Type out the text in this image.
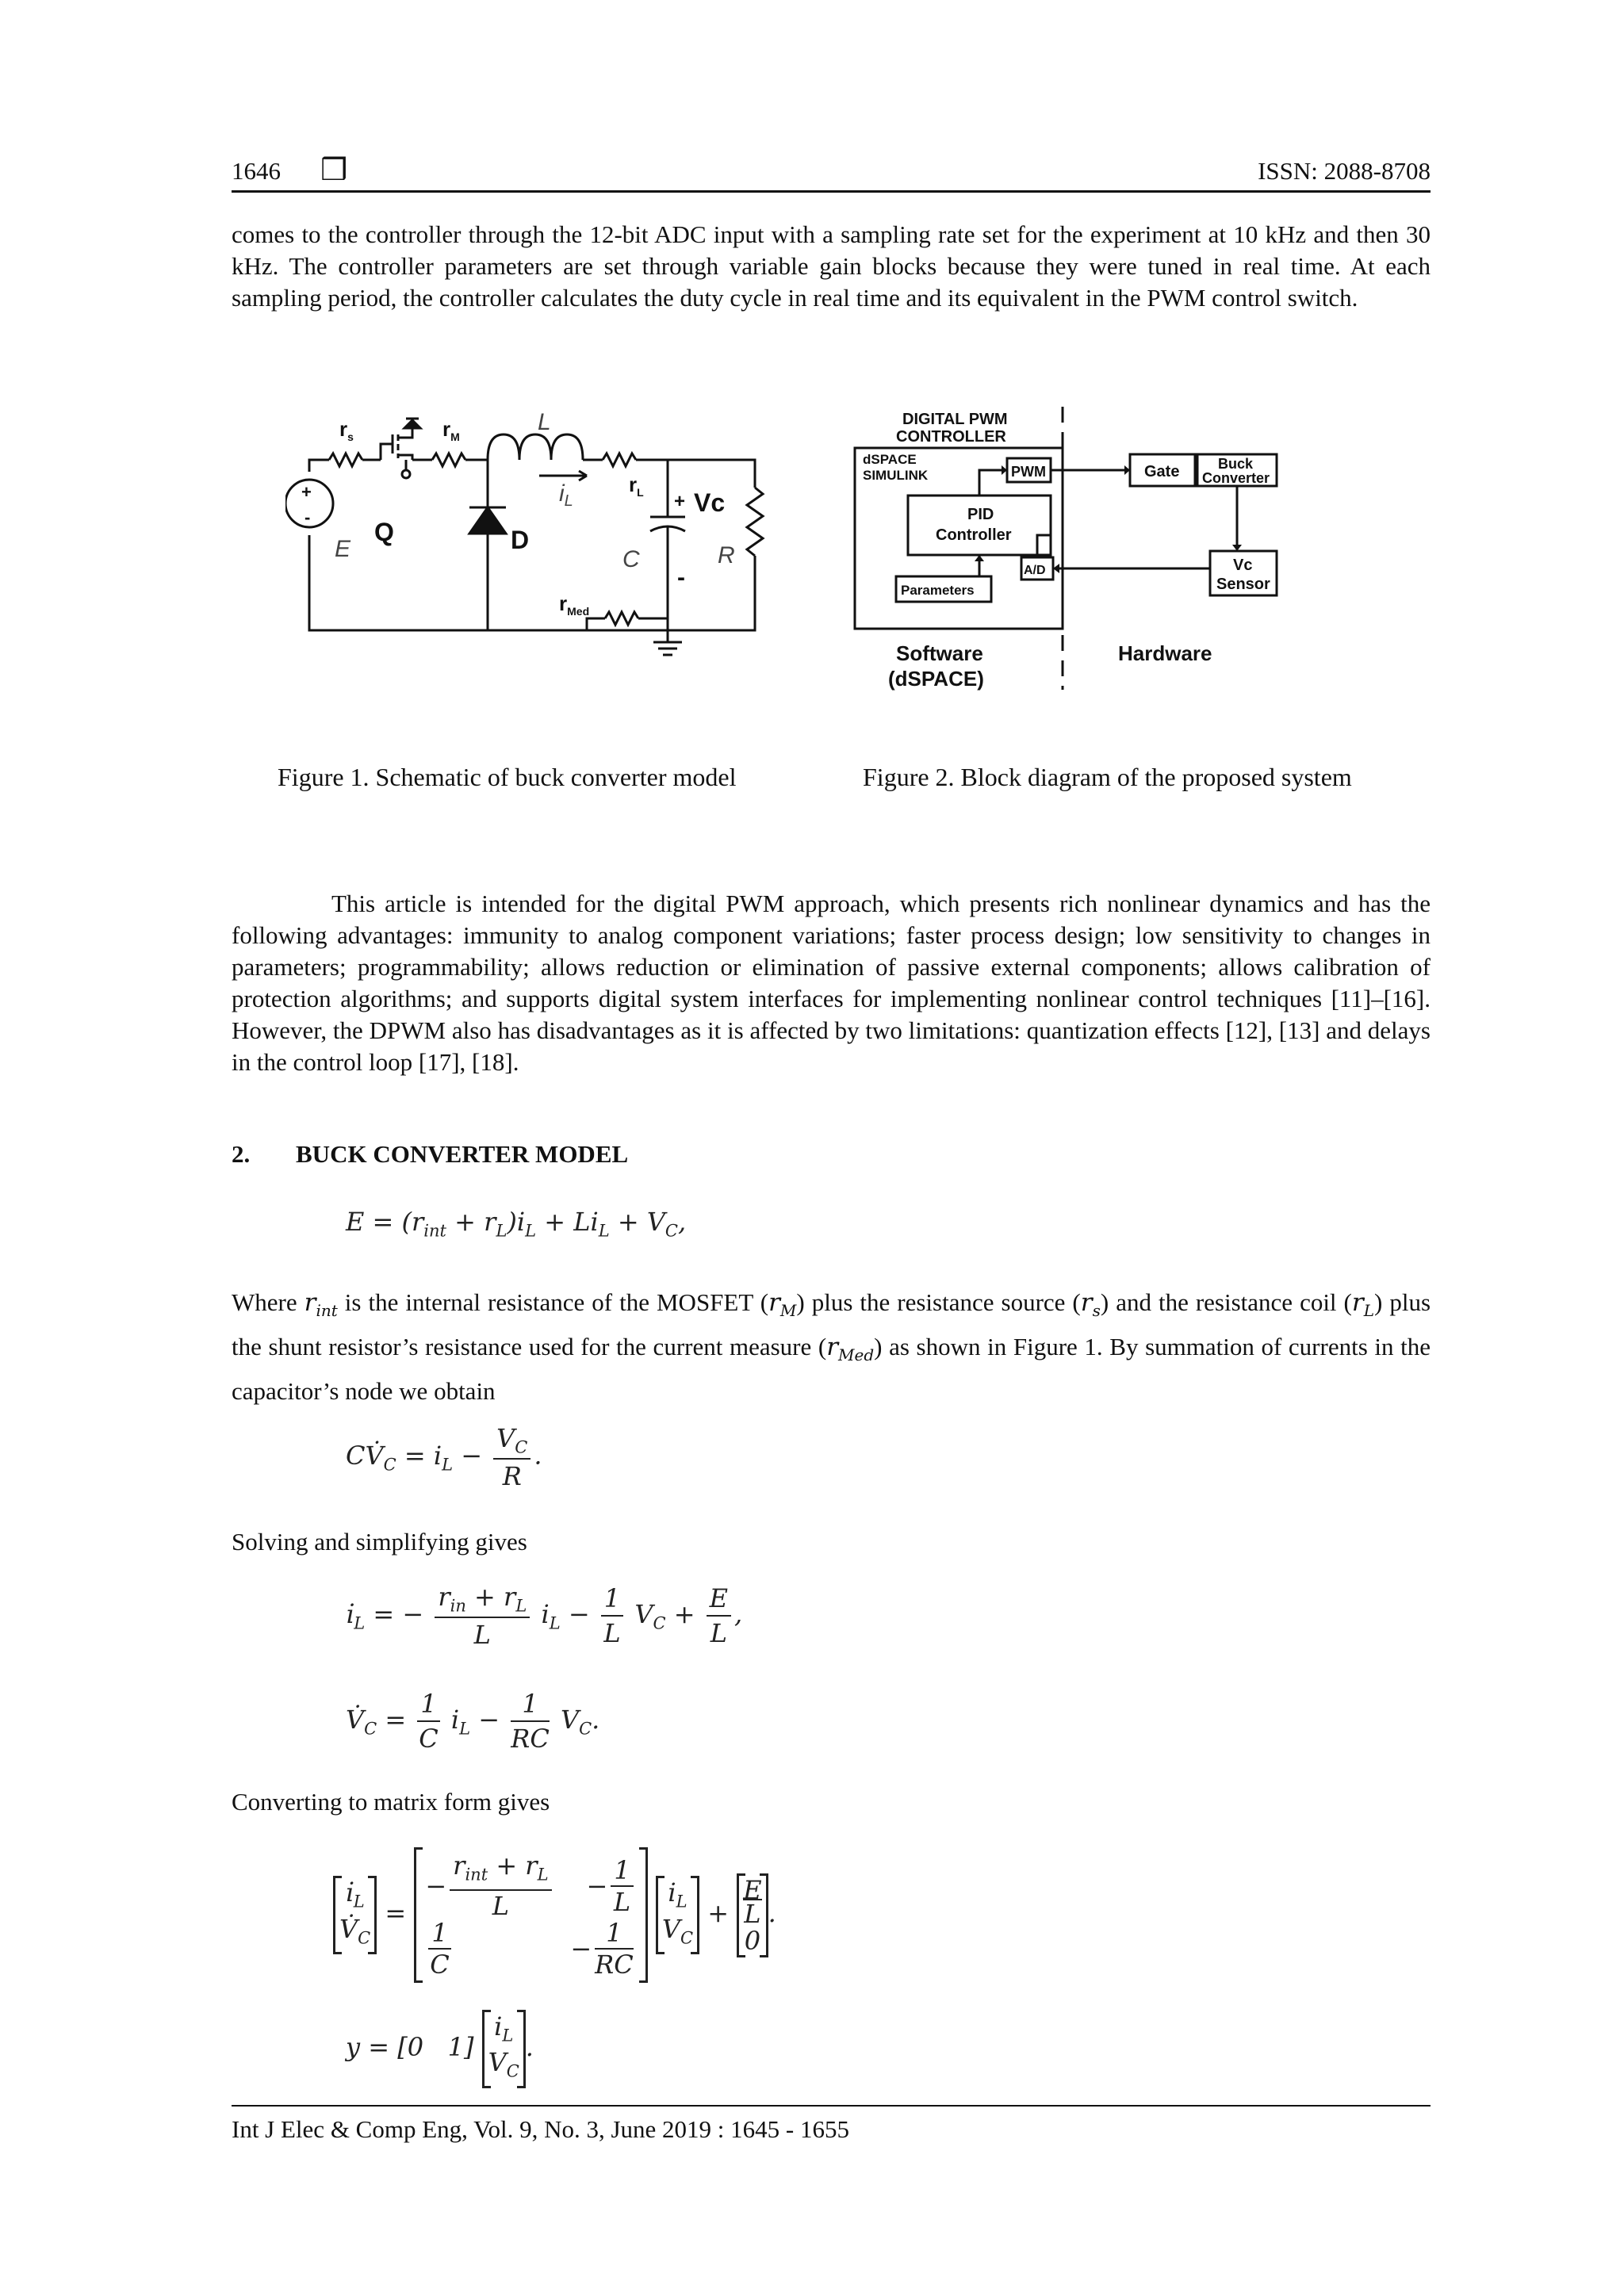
1646 ❒	ISSN: 2088-8708
comes to the controller through the 12-bit ADC input with a sampling rate set for the experiment at 10 kHz and then 30 kHz. The controller parameters are set through variable gain blocks because they were tuned in real time. At each sampling period, the controller calculates the duty cycle in real time and its equivalent in the PWM control switch.
$r_s$	$r_M$
L
$i_L$
$r_L$ Vc
+
-
R
C
E
+
-
Q	D
$r_{Med}$
DIGITAL PWM
CONTROLLER
dSPACE
SIMULINK	PWM	Gate	Buck
Converter
PID
Controller
A/D	Vc
Sensor
Parameters
Software
(dSPACE)
Hardware
Figure 1. Schematic of buck converter model	Figure 2. Block diagram of the proposed system
This article is intended for the digital PWM approach, which presents rich nonlinear dynamics and has the following advantages: immunity to analog component variations; faster process design; low sensitivity to changes in parameters; programmability; allows reduction or elimination of passive external components; allows calibration of protection algorithms; and supports digital system interfaces for implementing nonlinear control techniques [11]–[16]. However, the DPWM also has disadvantages as it is affected by two limitations: quantization effects [12], [13] and delays in the control loop [17], [18].
2. BUCK CONVERTER MODEL
$E = (r_{int} + r_L)i_L + Li_L + V_C$,
Where $r_{int}$ is the internal resistance of the MOSFET $(r_M)$ plus the resistance source $(r_s)$ and the resistance coil $(r_L)$ plus the shunt resistor’s resistance used for the current measure $(r_{Med})$ as shown in Figure 1. By summation of currents in the capacitor’s node we obtain
$CV̇_C = i_L - \frac{V_C}{R}$ .
Solving and simplifying gives
$i̇_L$ = − $\frac{r_{in} + r_L}{L} i_L - \frac{1}{L} V_C + \frac{E}{L}$ ,
$V̇_C = \frac{1}{C} i_L - \frac{1}{RC} V_C$.
Converting to matrix form gives
$i̇_L$
$V̇_C$
=
− $\frac{r_{int} + r_L}{L} - \frac{1}{L}$
$\frac{1}{C}$	− $\frac{1}{RC}$

$i_L$
$V_C$
+
E
L
0
.
y = [0   1]
$i_L$
$V_C$
.
Int J Elec & Comp Eng, Vol. 9, No. 3, June 2019 : 1645 - 1655
